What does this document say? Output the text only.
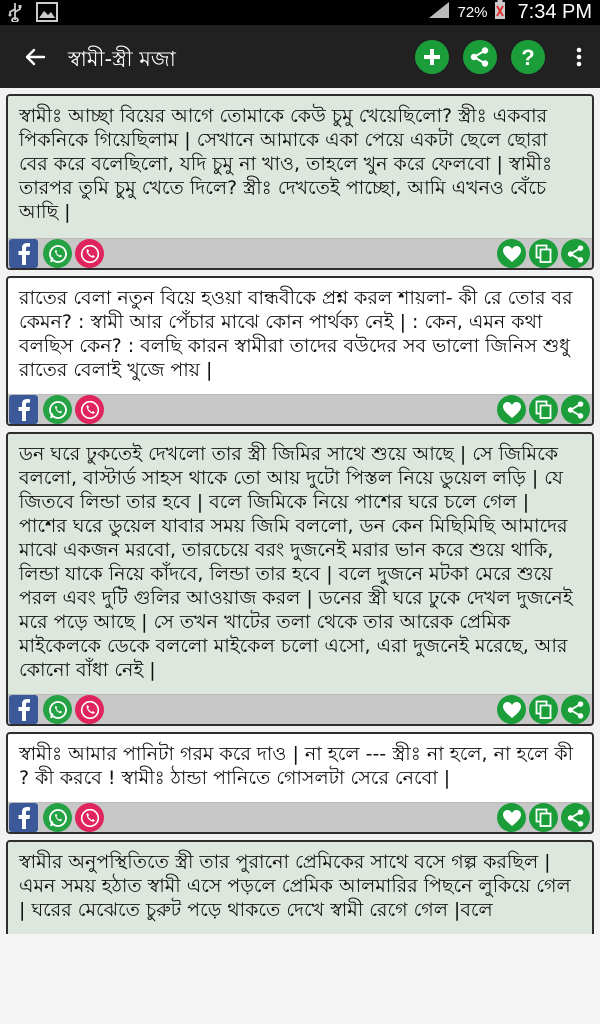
72% 7:34 PM
স্বামী-স্ত্রী মজা	?
স্বামীঃ আচ্ছা বিয়ের আগে তোমাকে কেউ চুমু খেয়েছিলো? স্ত্রীঃ একবার পিকনিকে গিয়েছিলাম | সেখানে আমাকে একা পেয়ে একটা ছেলে ছোরা বের করে বলেছিলো, যদি চুমু না খাও, তাহলে খুন করে ফেলবো | স্বামীঃ তারপর তুমি চুমু খেতে দিলে? স্ত্রীঃ দেখতেই পাচ্ছো, আমি এখনও বেঁচে আছি |
রাতের বেলা নতুন বিয়ে হওয়া বান্ধবীকে প্রশ্ন করল শায়লা- কী রে তোর বর কেমন? : স্বামী আর পেঁচার মাঝে কোন পার্থক্য নেই | : কেন, এমন কথা বলছিস কেন? : বলছি কারন স্বামীরা তাদের বউদের সব ভালো জিনিস শুধু রাতের বেলাই খুজে পায় |
ডন ঘরে ঢুকতেই দেখলো তার স্ত্রী জিমির সাথে শুয়ে আছে | সে জিমিকে বললো, বাস্টার্ড সাহস থাকে তো আয় দুটো পিস্তল নিয়ে ডুয়েল লড়ি | যে জিতবে লিন্ডা তার হবে | বলে জিমিকে নিয়ে পাশের ঘরে চলে গেল | পাশের ঘরে ডুয়েল যাবার সময় জিমি বললো, ডন কেন মিছিমিছি আমাদের মাঝে একজন মরবো, তারচেয়ে বরং দুজনেই মরার ভান করে শুয়ে থাকি, লিন্ডা যাকে নিয়ে কাঁদবে, লিন্ডা তার হবে | বলে দুজনে মটকা মেরে শুয়ে পরল এবং দুটি গুলির আওয়াজ করল | ডনের স্ত্রী ঘরে ঢুকে দেখল দুজনেই মরে পড়ে আছে | সে তখন খাটের তলা থেকে তার আরেক প্রেমিক মাইকেলকে ডেকে বললো মাইকেল চলো এসো, এরা দুজনেই মরেছে, আর কোনো বাঁধা নেই |
স্বামীঃ আমার পানিটা গরম করে দাও | না হলে --- স্ত্রীঃ না হলে, না হলে কী ? কী করবে ! স্বামীঃ ঠান্ডা পানিতে গোসলটা সেরে নেবো |
স্বামীর অনুপস্থিতিতে স্ত্রী তার পুরানো প্রেমিকের সাথে বসে গল্প করছিল | এমন সময় হঠাত স্বামী এসে পড়লে প্রেমিক আলমারির পিছনে লুকিয়ে গেল | ঘরের মেঝেতে চুরুট পড়ে থাকতে দেখে স্বামী রেগে গেল |বলে
